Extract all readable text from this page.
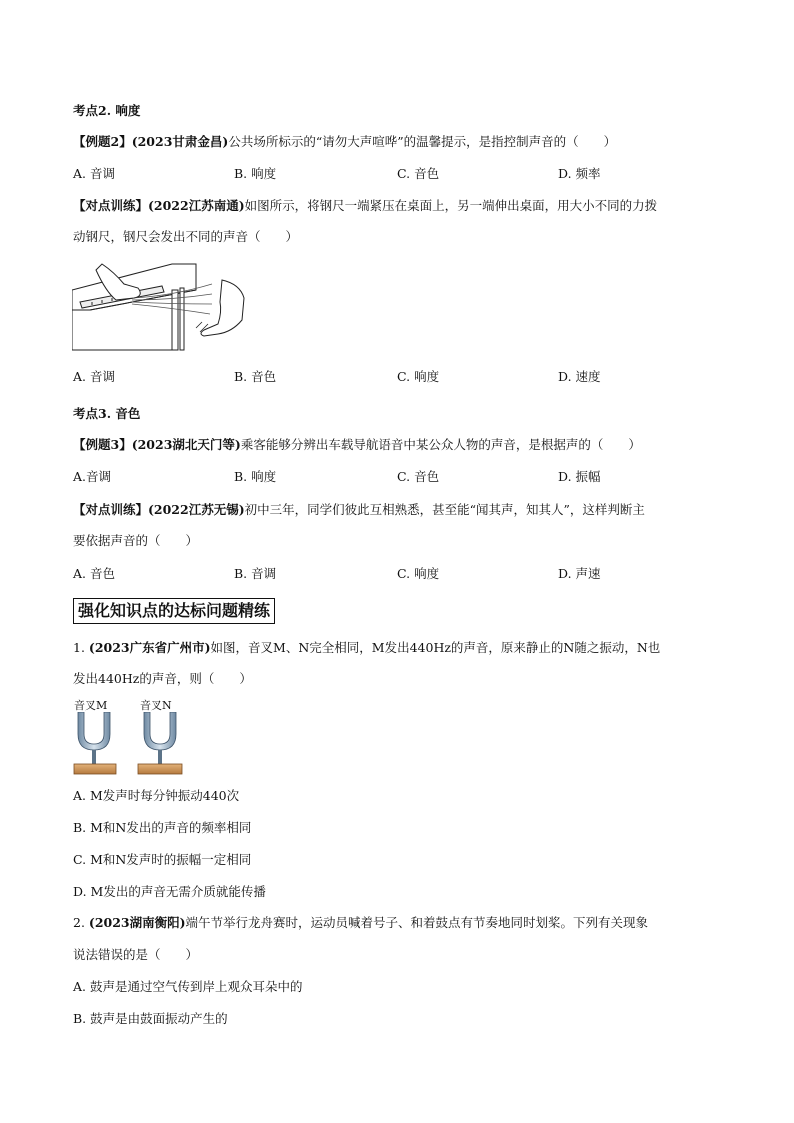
考点2. 响度
【例题2】(2023甘肃金昌)公共场所标示的“请勿大声喧哗”的温馨提示，是指控制声音的（　　）
A. 音调	B. 响度	C. 音色	D. 频率
【对点训练】(2022江苏南通)如图所示，将钢尺一端紧压在桌面上，另一端伸出桌面，用大小不同的力拨
动钢尺，钢尺会发出不同的声音（　　）
A. 音调	B. 音色	C. 响度	D. 速度
考点3. 音色
【例题3】(2023湖北天门等)乘客能够分辨出车载导航语音中某公众人物的声音，是根据声的（　　）
A.音调	B. 响度	C. 音色	D. 振幅
【对点训练】(2022江苏无锡)初中三年，同学们彼此互相熟悉，甚至能“闻其声，知其人”，这样判断主
要依据声音的（　　）
A. 音色	B. 音调	C. 响度	D. 声速
强化知识点的达标问题精练
1. (2023广东省广州市)如图，音叉M、N完全相同，M发出440Hz的声音，原来静止的N随之振动，N也
发出440Hz的声音，则（　　）
音叉M	音叉N
A. M发声时每分钟振动440次
B. M和N发出的声音的频率相同
C. M和N发声时的振幅一定相同
D. M发出的声音无需介质就能传播
2. (2023湖南衡阳)端午节举行龙舟赛时，运动员喊着号子、和着鼓点有节奏地同时划桨。下列有关现象
说法错误的是（　　）
A. 鼓声是通过空气传到岸上观众耳朵中的
B. 鼓声是由鼓面振动产生的
